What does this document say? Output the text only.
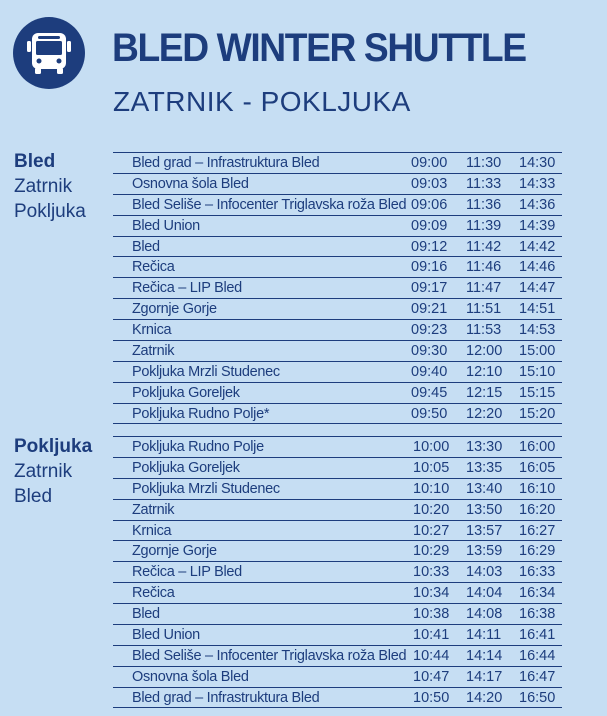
BLED WINTER SHUTTLE
ZATRNIK - POKLJUKA
Bled
Zatrnik
Pokljuka
Bled grad – Infrastruktura Bled	09:00 11:30 14:30
Osnovna šola Bled	09:03 11:33 14:33
Bled Seliše – Infocenter Triglavska roža Bled 09:06 11:36 14:36
Bled Union	09:09 11:39 14:39
Bled	09:12 11:42 14:42
Rečica	09:16 11:46 14:46
Rečica – LIP Bled	09:17 11:47 14:47
Zgornje Gorje	09:21 11:51 14:51
Krnica	09:23 11:53 14:53
Zatrnik	09:30 12:00 15:00
Pokljuka Mrzli Studenec	09:40 12:10 15:10
Pokljuka Goreljek	09:45 12:15 15:15
Pokljuka Rudno Polje*	09:50 12:20 15:20
Pokljuka
Zatrnik
Bled
Pokljuka Rudno Polje	10:00 13:30 16:00
Pokljuka Goreljek	10:05 13:35 16:05
Pokljuka Mrzli Studenec	10:10 13:40 16:10
Zatrnik	10:20 13:50 16:20
Krnica	10:27 13:57 16:27
Zgornje Gorje	10:29 13:59 16:29
Rečica – LIP Bled	10:33 14:03 16:33
Rečica	10:34 14:04 16:34
Bled	10:38 14:08 16:38
Bled Union	10:41 14:11 16:41
Bled Seliše – Infocenter Triglavska roža Bled 10:44 14:14 16:44
Osnovna šola Bled	10:47 14:17 16:47
Bled grad – Infrastruktura Bled	10:50 14:20 16:50
